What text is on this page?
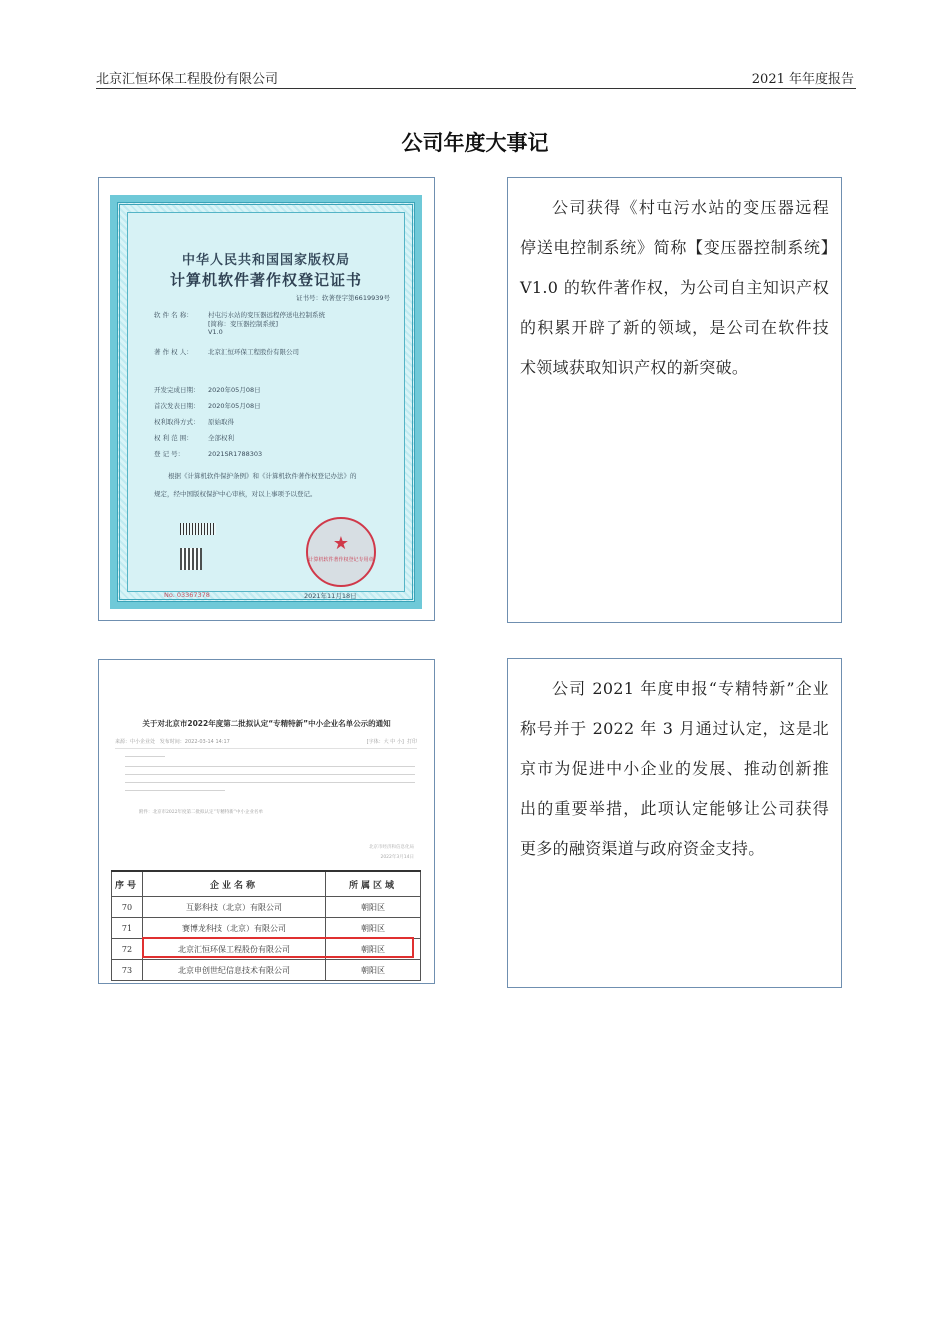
北京汇恒环保工程股份有限公司	2021 年年度报告
公司年度大事记
中华人民共和国国家版权局
计算机软件著作权登记证书
证书号：软著登字第6619939号
软 件 名 称： 村屯污水站的变压器远程停送电控制系统
[简称：变压器控制系统]
V1.0
著 作 权 人： 北京汇恒环保工程股份有限公司
开发完成日期： 2020年05月08日
首次发表日期： 2020年05月08日
权利取得方式： 原始取得
权 利 范 围： 全部权利
登 记 号：	2021SR1788303
根据《计算机软件保护条例》和《计算机软件著作权登记办法》的
规定，经中国版权保护中心审核，对以上事项予以登记。
★
计算机软件著作权登记专用章
No. 03367378	2021年11月18日

公司获得《村屯污水站的变压器远程停送电控制系统》简称【变压器控制系统】V1.0 的软件著作权，为公司自主知识产权的积累开辟了新的领域，是公司在软件技术领域获取知识产权的新突破。

关于对北京市2022年度第二批拟认定“专精特新”中小企业名单公示的通知
来源：中小企业处 发布时间：2022-03-14 14:17	[字体：大 中 小] 打印
附件：北京市2022年度第二批拟认定“专精特新”中小企业名单
北京市经济和信息化局
2022年3月14日
序号	企业名称	所属区域
70	互影科技（北京）有限公司	朝阳区
71	赛博龙科技（北京）有限公司	朝阳区
72	北京汇恒环保工程股份有限公司	朝阳区
73	北京申创世纪信息技术有限公司	朝阳区

公司 2021 年度申报“专精特新”企业称号并于 2022 年 3 月通过认定，这是北京市为促进中小企业的发展、推动创新推出的重要举措，此项认定能够让公司获得更多的融资渠道与政府资金支持。
